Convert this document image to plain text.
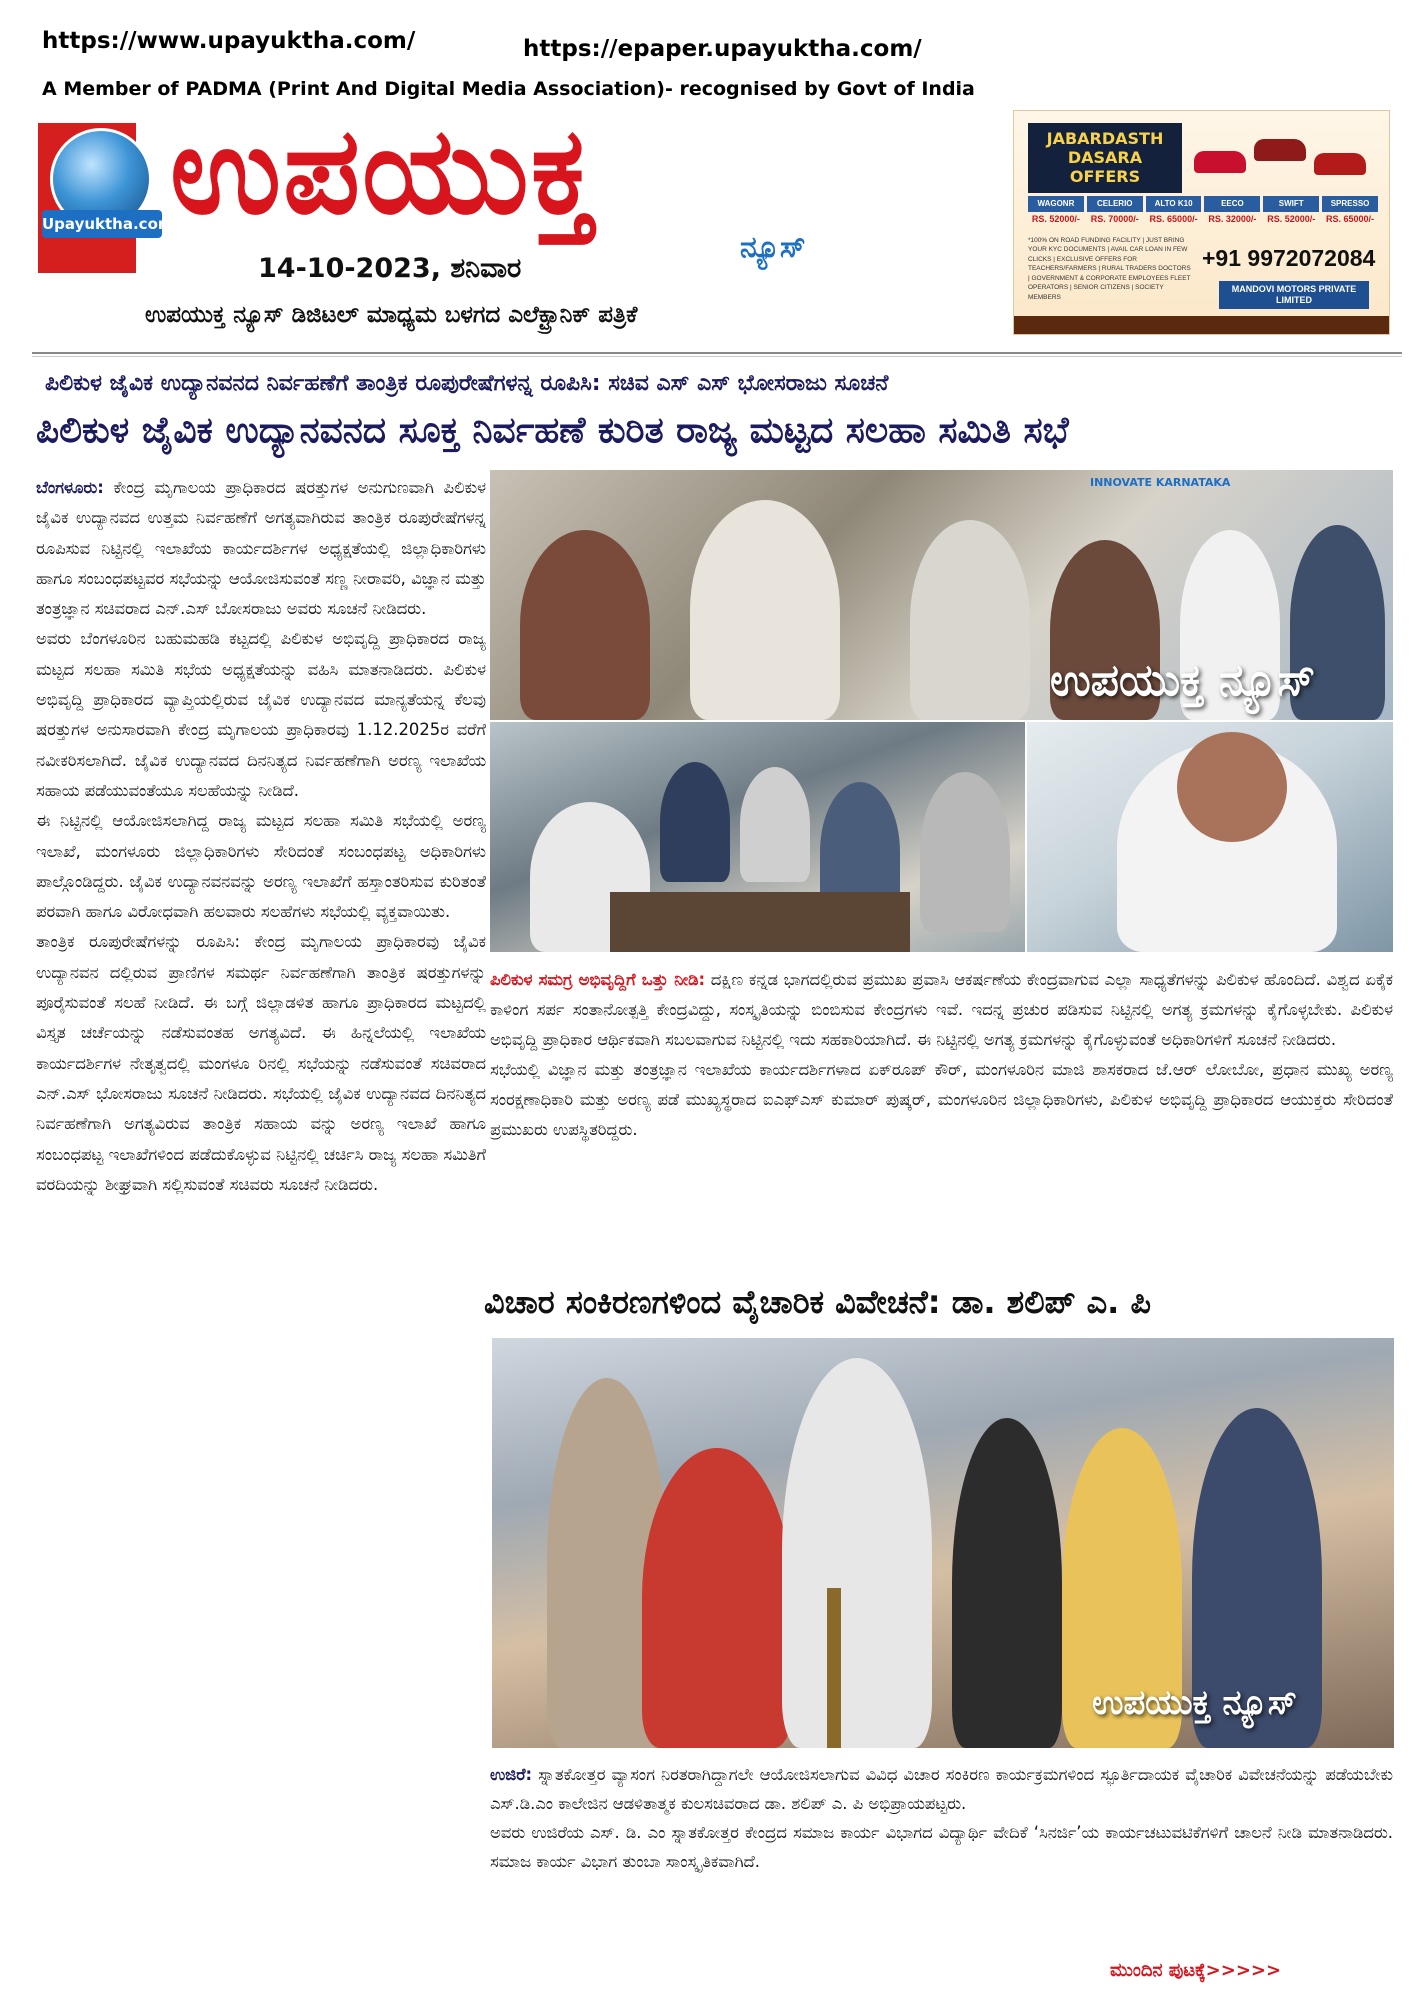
https://www.upayuktha.com/	https://epaper.upayuktha.com/
A Member of PADMA (Print And Digital Media Association)- recognised by Govt of India
Upayuktha.com
ಉಪಯುಕ್ತ
ನ್ಯೂಸ್
14-10-2023, ಶನಿವಾರ
ಉಪಯುಕ್ತ ನ್ಯೂಸ್ ಡಿಜಿಟಲ್ ಮಾಧ್ಯಮ ಬಳಗದ ಎಲೆಕ್ಟ್ರಾನಿಕ್ ಪತ್ರಿಕೆ
JABARDASTH DASARA OFFERS
WAGONR	CELERIO	ALTO K10	EECO	SWIFT	SPRESSO
RS. 52000/-	RS. 70000/-	RS. 65000/-	RS. 32000/-	RS. 52000/-	RS. 65000/-
*100% ON ROAD FUNDING FACILITY | JUST BRING YOUR KYC DOCUMENTS | AVAIL CAR LOAN IN FEW CLICKS | EXCLUSIVE OFFERS FOR TEACHERS/FARMERS | RURAL TRADERS DOCTORS | GOVERNMENT & CORPORATE EMPLOYEES FLEET OPERATORS | SENIOR CITIZENS | SOCIETY MEMBERS
+91 9972072084
MANDOVI MOTORS PRIVATE LIMITED
ಪಿಲಿಕುಳ ಜೈವಿಕ ಉದ್ಯಾನವನದ ನಿರ್ವಹಣೆಗೆ ತಾಂತ್ರಿಕ ರೂಪುರೇಷೆಗಳನ್ನ ರೂಪಿಸಿ: ಸಚಿವ ಎಸ್ ಎಸ್ ಭೋಸರಾಜು ಸೂಚನೆ
ಪಿಲಿಕುಳ ಜೈವಿಕ ಉದ್ಯಾನವನದ ಸೂಕ್ತ ನಿರ್ವಹಣೆ ಕುರಿತ ರಾಜ್ಯ ಮಟ್ಟದ ಸಲಹಾ ಸಮಿತಿ ಸಭೆ

ಬೆಂಗಳೂರು: ಕೇಂದ್ರ ಮೃಗಾಲಯ ಪ್ರಾಧಿಕಾರದ ಷರತ್ತುಗಳ ಅನುಗುಣವಾಗಿ ಪಿಲಿಕುಳ ಜೈವಿಕ ಉದ್ಯಾನವದ ಉತ್ತಮ ನಿರ್ವಹಣೆಗೆ ಅಗತ್ಯವಾಗಿರುವ ತಾಂತ್ರಿಕ ರೂಪುರೇಷೆಗಳನ್ನ ರೂಪಿಸುವ ನಿಟ್ಟಿನಲ್ಲಿ ಇಲಾಖೆಯ ಕಾರ್ಯದರ್ಶಿಗಳ ಅಧ್ಯಕ್ಷತೆಯಲ್ಲಿ ಜಿಲ್ಲಾಧಿಕಾರಿಗಳು ಹಾಗೂ ಸಂಬಂಧಪಟ್ಟವರ ಸಭೆಯನ್ನು ಆಯೋಜಿಸುವಂತೆ ಸಣ್ಣ ನೀರಾವರಿ, ವಿಜ್ಞಾನ ಮತ್ತು ತಂತ್ರಜ್ಞಾನ ಸಚಿವರಾದ ಎನ್.ಎಸ್ ಬೋಸರಾಜು ಅವರು ಸೂಚನೆ ನೀಡಿದರು.

ಅವರು ಬೆಂಗಳೂರಿನ ಬಹುಮಹಡಿ ಕಟ್ಟದಲ್ಲಿ ಪಿಲಿಕುಳ ಅಭಿವೃದ್ದಿ ಪ್ರಾಧಿಕಾರದ ರಾಜ್ಯ ಮಟ್ಟದ ಸಲಹಾ ಸಮಿತಿ ಸಭೆಯ ಅಧ್ಯಕ್ಷತೆಯನ್ನು ವಹಿಸಿ ಮಾತನಾಡಿದರು. ಪಿಲಿಕುಳ ಅಭಿವೃದ್ದಿ ಪ್ರಾಧಿಕಾರದ ವ್ಯಾಪ್ತಿಯಲ್ಲಿರುವ ಜೈವಿಕ ಉದ್ಯಾನವದ ಮಾನ್ಯತೆಯನ್ನ ಕೆಲವು ಷರತ್ತುಗಳ ಅನುಸಾರವಾಗಿ ಕೇಂದ್ರ ಮೃಗಾಲಯ ಪ್ರಾಧಿಕಾರವು 1.12.2025ರ ವರೆಗೆ ನವೀಕರಿಸಲಾಗಿದೆ. ಜೈವಿಕ ಉದ್ಯಾನವದ ದಿನನಿತ್ಯದ ನಿರ್ವಹಣೆಗಾಗಿ ಅರಣ್ಯ ಇಲಾಖೆಯ ಸಹಾಯ ಪಡೆಯುವಂತೆಯೂ ಸಲಹೆಯನ್ನು ನೀಡಿದೆ.

ಈ ನಿಟ್ಟಿನಲ್ಲಿ ಆಯೋಜಿಸಲಾಗಿದ್ದ ರಾಜ್ಯ ಮಟ್ಟದ ಸಲಹಾ ಸಮಿತಿ ಸಭೆಯಲ್ಲಿ ಅರಣ್ಯ ಇಲಾಖೆ, ಮಂಗಳೂರು ಜಿಲ್ಲಾಧಿಕಾರಿಗಳು ಸೇರಿದಂತೆ ಸಂಬಂಧಪಟ್ಟ ಅಧಿಕಾರಿಗಳು ಪಾಲ್ಗೊಂಡಿದ್ದರು. ಜೈವಿಕ ಉದ್ಯಾನವನವನ್ನು ಅರಣ್ಯ ಇಲಾಖೆಗೆ ಹಸ್ತಾಂತರಿಸುವ ಕುರಿತಂತೆ ಪರವಾಗಿ ಹಾಗೂ ವಿರೋಧವಾಗಿ ಹಲವಾರು ಸಲಹೆಗಳು ಸಭೆಯಲ್ಲಿ ವ್ಯಕ್ತವಾಯಿತು.

ತಾಂತ್ರಿಕ ರೂಪುರೇಷೆಗಳನ್ನು ರೂಪಿಸಿ: ಕೇಂದ್ರ ಮೃಗಾಲಯ ಪ್ರಾಧಿಕಾರವು ಜೈವಿಕ ಉದ್ಯಾನವನ ದಲ್ಲಿರುವ ಪ್ರಾಣಿಗಳ ಸಮರ್ಥ ನಿರ್ವಹಣೆಗಾಗಿ ತಾಂತ್ರಿಕ ಷರತ್ತುಗಳನ್ನು ಪೂರೈಸುವಂತೆ ಸಲಹೆ ನೀಡಿದೆ. ಈ ಬಗ್ಗೆ ಜಿಲ್ಲಾಡಳಿತ ಹಾಗೂ ಪ್ರಾಧಿಕಾರದ ಮಟ್ಟದಲ್ಲಿ ವಿಸ್ತೃತ ಚರ್ಚೆಯನ್ನು ನಡೆಸುವಂತಹ ಅಗತ್ಯವಿದೆ. ಈ ಹಿನ್ನಲೆಯಲ್ಲಿ ಇಲಾಖೆಯ ಕಾರ್ಯದರ್ಶಿಗಳ ನೇತೃತ್ವದಲ್ಲಿ ಮಂಗಳೂ ರಿನಲ್ಲಿ ಸಭೆಯನ್ನು ನಡೆಸುವಂತೆ ಸಚಿವರಾದ ಎನ್.ಎಸ್ ಭೋಸರಾಜು ಸೂಚನೆ ನೀಡಿದರು. ಸಭೆಯಲ್ಲಿ ಜೈವಿಕ ಉದ್ಯಾನವದ ದಿನನಿತ್ಯದ ನಿರ್ವಹಣೆಗಾಗಿ ಅಗತ್ಯವಿರುವ ತಾಂತ್ರಿಕ ಸಹಾಯ ವನ್ನು ಅರಣ್ಯ ಇಲಾಖೆ ಹಾಗೂ ಸಂಬಂಧಪಟ್ಟ ಇಲಾಖೆಗಳಿಂದ ಪಡೆದುಕೊಳ್ಳುವ ನಿಟ್ಟಿನಲ್ಲಿ ಚರ್ಚಿಸಿ ರಾಜ್ಯ ಸಲಹಾ ಸಮಿತಿಗೆ ವರದಿಯನ್ನು ಶೀಘ್ರವಾಗಿ ಸಲ್ಲಿಸುವಂತೆ ಸಚಿವರು ಸೂಚನೆ ನೀಡಿದರು.

INNOVATE KARNATAKA
ಉಪಯುಕ್ತ ನ್ಯೂಸ್

ಪಿಲಿಕುಳ ಸಮಗ್ರ ಅಭಿವೃದ್ದಿಗೆ ಒತ್ತು ನೀಡಿ: ದಕ್ಷಿಣ ಕನ್ನಡ ಭಾಗದಲ್ಲಿರುವ ಪ್ರಮುಖ ಪ್ರವಾಸಿ ಆಕರ್ಷಣೆಯ ಕೇಂದ್ರವಾಗುವ ಎಲ್ಲಾ ಸಾಧ್ಯತೆಗಳನ್ನು ಪಿಲಿಕುಳ ಹೊಂದಿದೆ. ವಿಶ್ವದ ಏಕೈಕ ಕಾಳಿಂಗ ಸರ್ಪ ಸಂತಾನೋತ್ಪತ್ತಿ ಕೇಂದ್ರವಿದ್ದು, ಸಂಸ್ಕೃತಿಯನ್ನು ಬಿಂಬಿಸುವ ಕೇಂದ್ರಗಳು ಇವೆ. ಇದನ್ನ ಪ್ರಚುರ ಪಡಿಸುವ ನಿಟ್ಟಿನಲ್ಲಿ ಅಗತ್ಯ ಕ್ರಮಗಳನ್ನು ಕೈಗೊಳ್ಳಬೇಕು. ಪಿಲಿಕುಳ ಅಭಿವೃದ್ದಿ ಪ್ರಾಧಿಕಾರ ಆರ್ಥಿಕವಾಗಿ ಸಬಲವಾಗುವ ನಿಟ್ಟಿನಲ್ಲಿ ಇದು ಸಹಕಾರಿಯಾಗಿದೆ. ಈ ನಿಟ್ಟಿನಲ್ಲಿ ಅಗತ್ಯ ಕ್ರಮಗಳನ್ನು ಕೈಗೊಳ್ಳುವಂತೆ ಅಧಿಕಾರಿಗಳಿಗೆ ಸೂಚನೆ ನೀಡಿದರು.

ಸಭೆಯಲ್ಲಿ ವಿಜ್ಞಾನ ಮತ್ತು ತಂತ್ರಜ್ಞಾನ ಇಲಾಖೆಯ ಕಾರ್ಯದರ್ಶಿಗಳಾದ ಏಕ್‌ರೂಪ್ ಕೌರ್, ಮಂಗಳೂರಿನ ಮಾಜಿ ಶಾಸಕರಾದ ಜೆ.ಆರ್ ಲೋಬೋ, ಪ್ರಧಾನ ಮುಖ್ಯ ಅರಣ್ಯ ಸಂರಕ್ಷಣಾಧಿಕಾರಿ ಮತ್ತು ಅರಣ್ಯ ಪಡೆ ಮುಖ್ಯಸ್ಥರಾದ ಐಎಫ್‌ಎಸ್ ಕುಮಾರ್ ಪುಷ್ಕರ್, ಮಂಗಳೂರಿನ ಜಿಲ್ಲಾಧಿಕಾರಿಗಳು, ಪಿಲಿಕುಳ ಅಭಿವೃದ್ದಿ ಪ್ರಾಧಿಕಾರದ ಆಯುಕ್ತರು ಸೇರಿದಂತೆ ಪ್ರಮುಖರು ಉಪಸ್ಥಿತರಿದ್ದರು.

ವಿಚಾರ ಸಂಕಿರಣಗಳಿಂದ ವೈಚಾರಿಕ ವಿವೇಚನೆ: ಡಾ. ಶಲಿಪ್ ಎ. ಪಿ
ಉಪಯುಕ್ತ ನ್ಯೂಸ್

ಉಜಿರೆ: ಸ್ನಾತಕೋತ್ತರ ವ್ಯಾಸಂಗ ನಿರತರಾಗಿದ್ದಾಗಲೇ ಆಯೋಜಿಸಲಾಗುವ ವಿವಿಧ ವಿಚಾರ ಸಂಕಿರಣ ಕಾರ್ಯಕ್ರಮಗಳಿಂದ ಸ್ಫೂರ್ತಿದಾಯಕ ವೈಚಾರಿಕ ವಿವೇಚನೆಯನ್ನು ಪಡೆಯಬೇಕು ಎಸ್.ಡಿ.ಎಂ ಕಾಲೇಜಿನ ಆಡಳಿತಾತ್ಮಕ ಕುಲಸಚಿವರಾದ ಡಾ. ಶಲಿಪ್ ಎ. ಪಿ ಅಭಿಪ್ರಾಯಪಟ್ಟರು.

ಅವರು ಉಜಿರೆಯ ಎಸ್. ಡಿ. ಎಂ ಸ್ನಾತಕೋತ್ತರ ಕೇಂದ್ರದ ಸಮಾಜ ಕಾರ್ಯ ವಿಭಾಗದ ವಿದ್ಯಾರ್ಥಿ ವೇದಿಕೆ ‘ಸಿನರ್ಜಿ’ಯ ಕಾರ್ಯಚಟುವಟಿಕೆಗಳಿಗೆ ಚಾಲನೆ ನೀಡಿ ಮಾತನಾಡಿದರು. ಸಮಾಜ ಕಾರ್ಯ ವಿಭಾಗ ತುಂಬಾ ಸಾಂಸ್ಕೃತಿಕವಾಗಿದೆ.

ಮುಂದಿನ ಪುಟಕ್ಕೆ>>>>>
